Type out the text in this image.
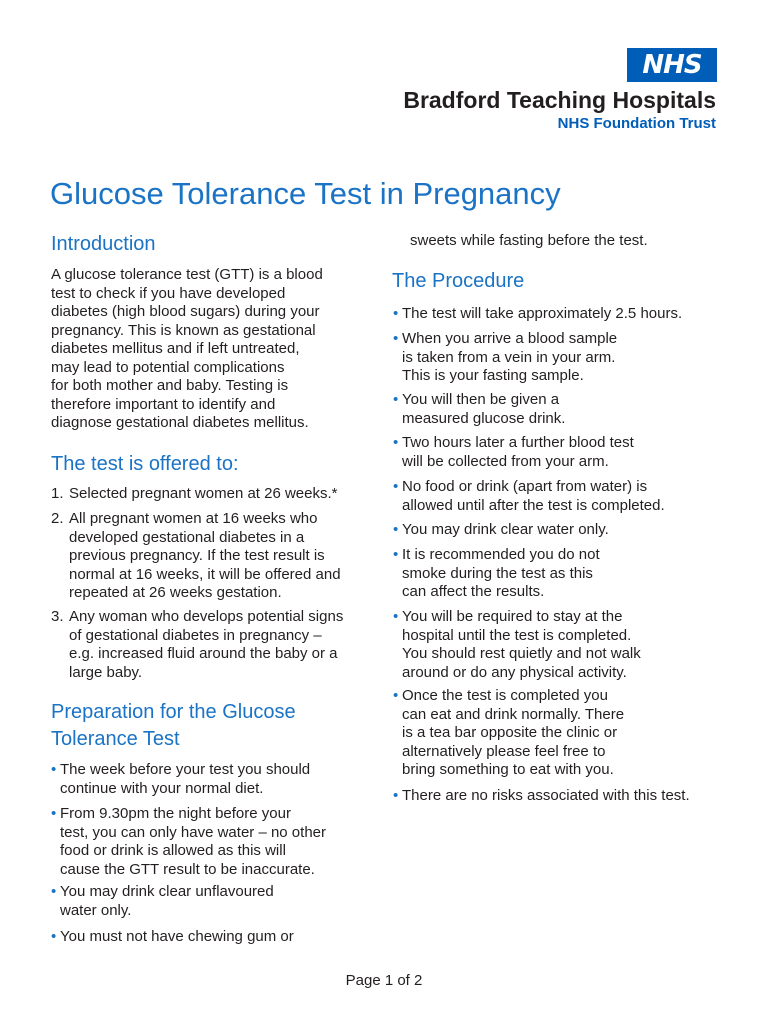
NHS
Bradford Teaching Hospitals
NHS Foundation Trust
Glucose Tolerance Test in Pregnancy
Introduction

A glucose tolerance test (GTT) is a blood
test to check if you have developed
diabetes (high blood sugars) during your
pregnancy. This is known as gestational
diabetes mellitus and if left untreated,
may lead to potential complications
for both mother and baby. Testing is
therefore important to identify and
diagnose gestational diabetes mellitus.

The test is offered to:
1. Selected pregnant women at 26 weeks.*
2. All pregnant women at 16 weeks who
developed gestational diabetes in a
previous pregnancy. If the test result is
normal at 16 weeks, it will be offered and
repeated at 26 weeks gestation.
3. Any woman who develops potential signs
of gestational diabetes in pregnancy –
e.g. increased fluid around the baby or a
large baby.
Preparation for the Glucose
Tolerance Test
• The week before your test you should
continue with your normal diet.
• From 9.30pm the night before your
test, you can only have water – no other
food or drink is allowed as this will
cause the GTT result to be inaccurate.
• You may drink clear unflavoured
water only.
• You must not have chewing gum or

sweets while fasting before the test.

The Procedure
• The test will take approximately 2.5 hours.
• When you arrive a blood sample
is taken from a vein in your arm.
This is your fasting sample.
• You will then be given a
measured glucose drink.
• Two hours later a further blood test
will be collected from your arm.
• No food or drink (apart from water) is
allowed until after the test is completed.
• You may drink clear water only.
• It is recommended you do not
smoke during the test as this
can affect the results.
• You will be required to stay at the
hospital until the test is completed.
You should rest quietly and not walk
around or do any physical activity.
• Once the test is completed you
can eat and drink normally. There
is a tea bar opposite the clinic or
alternatively please feel free to
bring something to eat with you.
• There are no risks associated with this test.
Page 1 of 2
